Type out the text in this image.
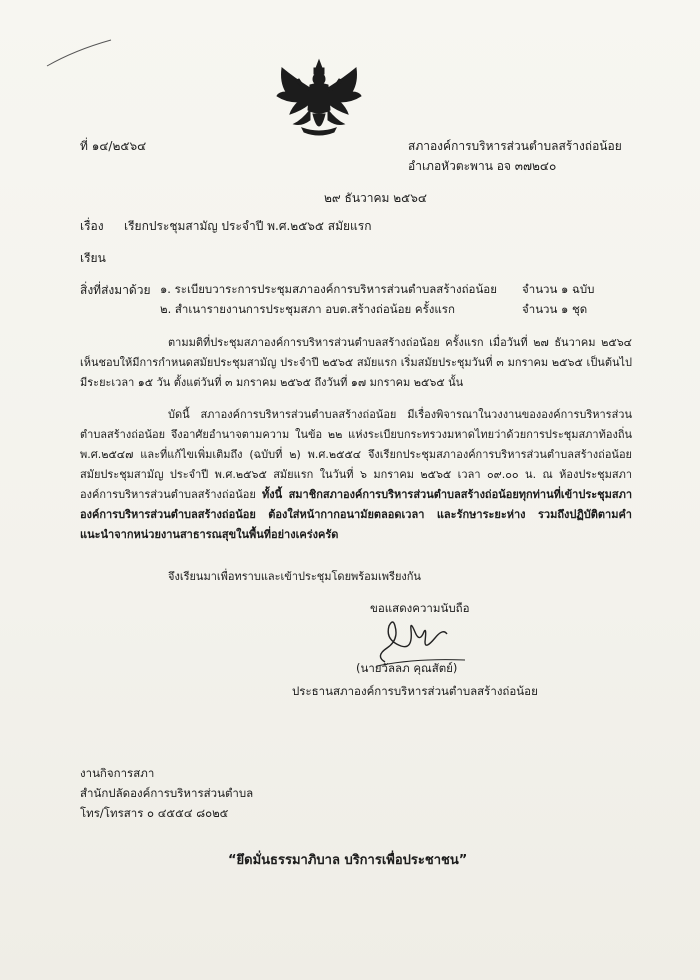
ที่ ๑๔/๒๕๖๔	สภาองค์การบริหารส่วนตำบลสร้างถ่อน้อย
อำเภอหัวตะพาน อจ ๓๗๒๔๐
๒๙ ธันวาคม ๒๕๖๔
เรื่อง เรียกประชุมสามัญ ประจำปี พ.ศ.๒๕๖๕ สมัยแรก
เรียน
สิ่งที่ส่งมาด้วย ๑. ระเบียบวาระการประชุมสภาองค์การบริหารส่วนตำบลสร้างถ่อน้อย จำนวน ๑ ฉบับ
๒. สำเนารายงานการประชุมสภา อบต.สร้างถ่อน้อย ครั้งแรก	จำนวน ๑ ชุด
ตามมติที่ประชุมสภาองค์การบริหารส่วนตำบลสร้างถ่อน้อย ครั้งแรก เมื่อวันที่ ๒๗ ธันวาคม ๒๕๖๔ เห็นชอบให้มีการกำหนดสมัยประชุมสามัญ ประจำปี ๒๕๖๕ สมัยแรก เริ่มสมัยประชุมวันที่ ๓ มกราคม ๒๕๖๕ เป็นต้นไป มีระยะเวลา ๑๕ วัน ตั้งแต่วันที่ ๓ มกราคม ๒๕๖๕ ถึงวันที่ ๑๗ มกราคม ๒๕๖๕ นั้น
บัดนี้ สภาองค์การบริหารส่วนตำบลสร้างถ่อน้อย มีเรื่องพิจารณาในวงงานขององค์การบริหารส่วนตำบลสร้างถ่อน้อย จึงอาศัยอำนาจตามความ ในข้อ ๒๒ แห่งระเบียบกระทรวงมหาดไทยว่าด้วยการประชุมสภาท้องถิ่น พ.ศ.๒๕๔๗ และที่แก้ไขเพิ่มเติมถึง (ฉบับที่ ๒) พ.ศ.๒๕๕๔ จึงเรียกประชุมสภาองค์การบริหารส่วนตำบลสร้างถ่อน้อย สมัยประชุมสามัญ ประจำปี พ.ศ.๒๕๖๕ สมัยแรก ในวันที่ ๖ มกราคม ๒๕๖๕ เวลา ๐๙.๐๐ น. ณ ห้องประชุมสภาองค์การบริหารส่วนตำบลสร้างถ่อน้อย ทั้งนี้ สมาชิกสภาองค์การบริหารส่วนตำบลสร้างถ่อน้อยทุกท่านที่เข้าประชุมสภาองค์การบริหารส่วนตำบลสร้างถ่อน้อย ต้องใส่หน้ากากอนามัยตลอดเวลา และรักษาระยะห่าง รวมถึงปฏิบัติตามคำแนะนำจากหน่วยงานสาธารณสุขในพื้นที่อย่างเคร่งครัด
จึงเรียนมาเพื่อทราบและเข้าประชุมโดยพร้อมเพรียงกัน
ขอแสดงความนับถือ
(นายวัลลภ คุณสัตย์)
ประธานสภาองค์การบริหารส่วนตำบลสร้างถ่อน้อย
งานกิจการสภา
สำนักปลัดองค์การบริหารส่วนตำบล
โทร/โทรสาร ๐ ๔๕๕๔ ๘๐๒๕
“ยึดมั่นธรรมาภิบาล บริการเพื่อประชาชน”
